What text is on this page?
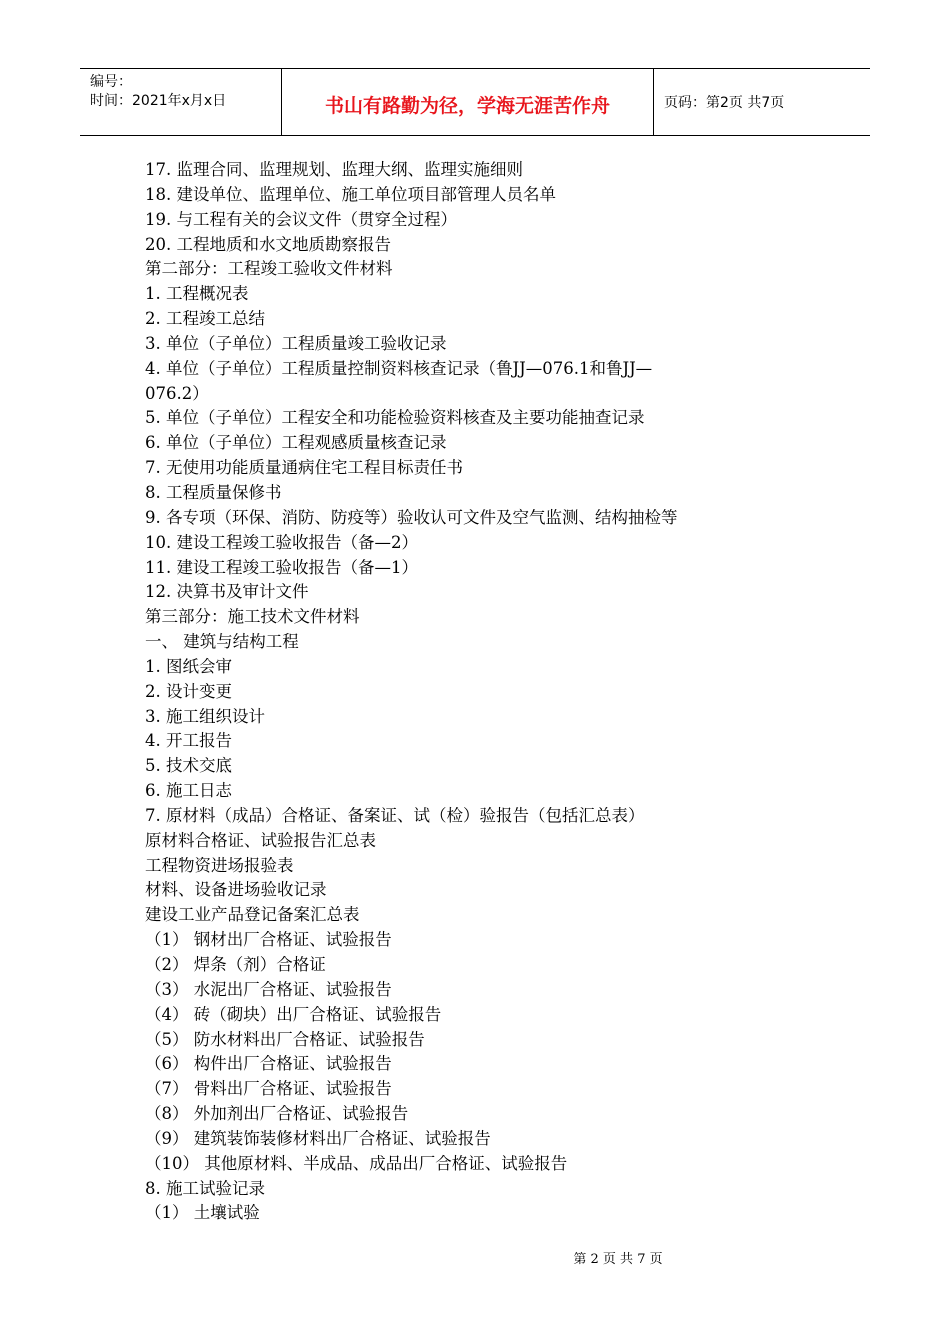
编号：
时间：2021年x月x日	书山有路勤为径，学海无涯苦作舟	页码：第2页 共7页

17. 监理合同、监理规划、监理大纲、监理实施细则

18. 建设单位、监理单位、施工单位项目部管理人员名单

19. 与工程有关的会议文件（贯穿全过程）

20. 工程地质和水文地质勘察报告

第二部分：工程竣工验收文件材料

1. 工程概况表

2. 工程竣工总结

3. 单位（子单位）工程质量竣工验收记录

4. 单位（子单位）工程质量控制资料核查记录（鲁JJ—076.1和鲁JJ—

076.2）

5. 单位（子单位）工程安全和功能检验资料核查及主要功能抽查记录

6. 单位（子单位）工程观感质量核查记录

7. 无使用功能质量通病住宅工程目标责任书

8. 工程质量保修书

9. 各专项（环保、消防、防疫等）验收认可文件及空气监测、结构抽检等

10. 建设工程竣工验收报告（备—2）

11. 建设工程竣工验收报告（备—1）

12. 决算书及审计文件

第三部分：施工技术文件材料

一、 建筑与结构工程

1. 图纸会审

2. 设计变更

3. 施工组织设计

4. 开工报告

5. 技术交底

6. 施工日志

7. 原材料（成品）合格证、备案证、试（检）验报告（包括汇总表）

原材料合格证、试验报告汇总表

工程物资进场报验表

材料、设备进场验收记录

建设工业产品登记备案汇总表

（1） 钢材出厂合格证、试验报告

（2） 焊条（剂）合格证

（3） 水泥出厂合格证、试验报告

（4） 砖（砌块）出厂合格证、试验报告

（5） 防水材料出厂合格证、试验报告

（6） 构件出厂合格证、试验报告

（7） 骨料出厂合格证、试验报告

（8） 外加剂出厂合格证、试验报告

（9） 建筑装饰装修材料出厂合格证、试验报告

（10） 其他原材料、半成品、成品出厂合格证、试验报告

8. 施工试验记录

（1） 土壤试验

第 2 页 共 7 页
